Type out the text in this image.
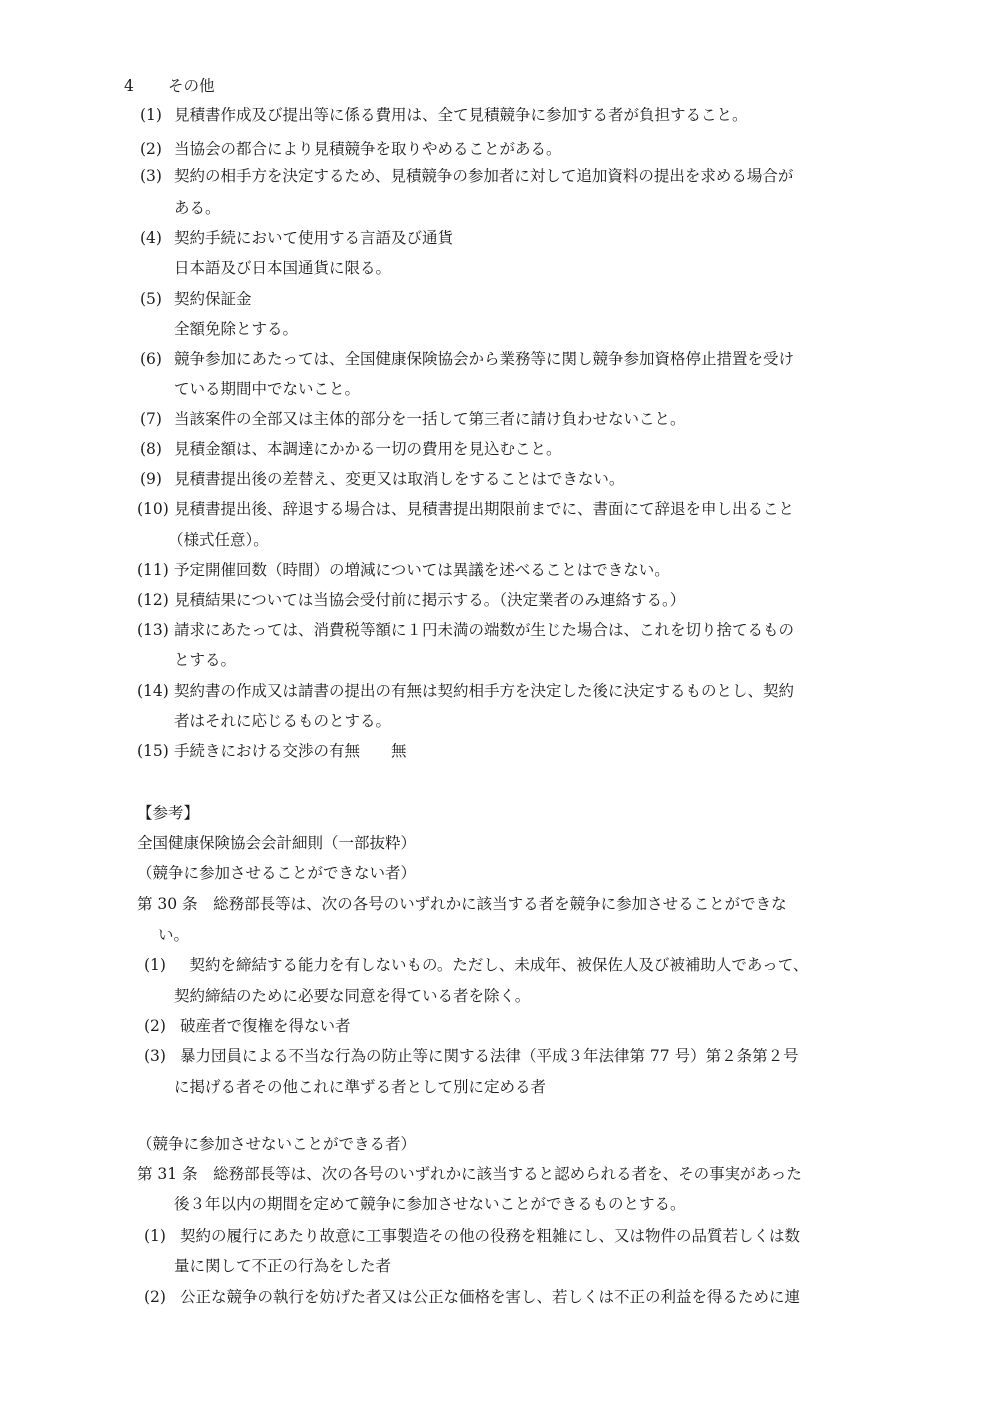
4 その他
(1) 見積書作成及び提出等に係る費用は、全て見積競争に参加する者が負担すること。
(2) 当協会の都合により見積競争を取りやめることがある。
(3) 契約の相手方を決定するため、見積競争の参加者に対して追加資料の提出を求める場合が
ある。
(4) 契約手続において使用する言語及び通貨
日本語及び日本国通貨に限る。
(5) 契約保証金
全額免除とする。
(6) 競争参加にあたっては、全国健康保険協会から業務等に関し競争参加資格停止措置を受け
ている期間中でないこと。
(7) 当該案件の全部又は主体的部分を一括して第三者に請け負わせないこと。
(8) 見積金額は、本調達にかかる一切の費用を見込むこと。
(9) 見積書提出後の差替え、変更又は取消しをすることはできない。
(10) 見積書提出後、辞退する場合は、見積書提出期限前までに、書面にて辞退を申し出ること
（様式任意）。
(11) 予定開催回数（時間）の増減については異議を述べることはできない。
(12) 見積結果については当協会受付前に掲示する。（決定業者のみ連絡する。）
(13) 請求にあたっては、消費税等額に１円未満の端数が生じた場合は、これを切り捨てるもの
とする。
(14) 契約書の作成又は請書の提出の有無は契約相手方を決定した後に決定するものとし、契約
者はそれに応じるものとする。
(15) 手続きにおける交渉の有無　　無
【参考】
全国健康保険協会会計細則（一部抜粋）
（競争に参加させることができない者）
第 30 条　総務部長等は、次の各号のいずれかに該当する者を競争に参加させることができな
い。
(1) 　契約を締結する能力を有しないもの。ただし、未成年、被保佐人及び被補助人であって、
契約締結のために必要な同意を得ている者を除く。
(2) 破産者で復権を得ない者
(3) 暴力団員による不当な行為の防止等に関する法律（平成３年法律第 77 号）第２条第２号
に掲げる者その他これに準ずる者として別に定める者
（競争に参加させないことができる者）
第 31 条　総務部長等は、次の各号のいずれかに該当すると認められる者を、その事実があった
後３年以内の期間を定めて競争に参加させないことができるものとする。
(1) 契約の履行にあたり故意に工事製造その他の役務を粗雑にし、又は物件の品質若しくは数
量に関して不正の行為をした者
(2) 公正な競争の執行を妨げた者又は公正な価格を害し、若しくは不正の利益を得るために連
